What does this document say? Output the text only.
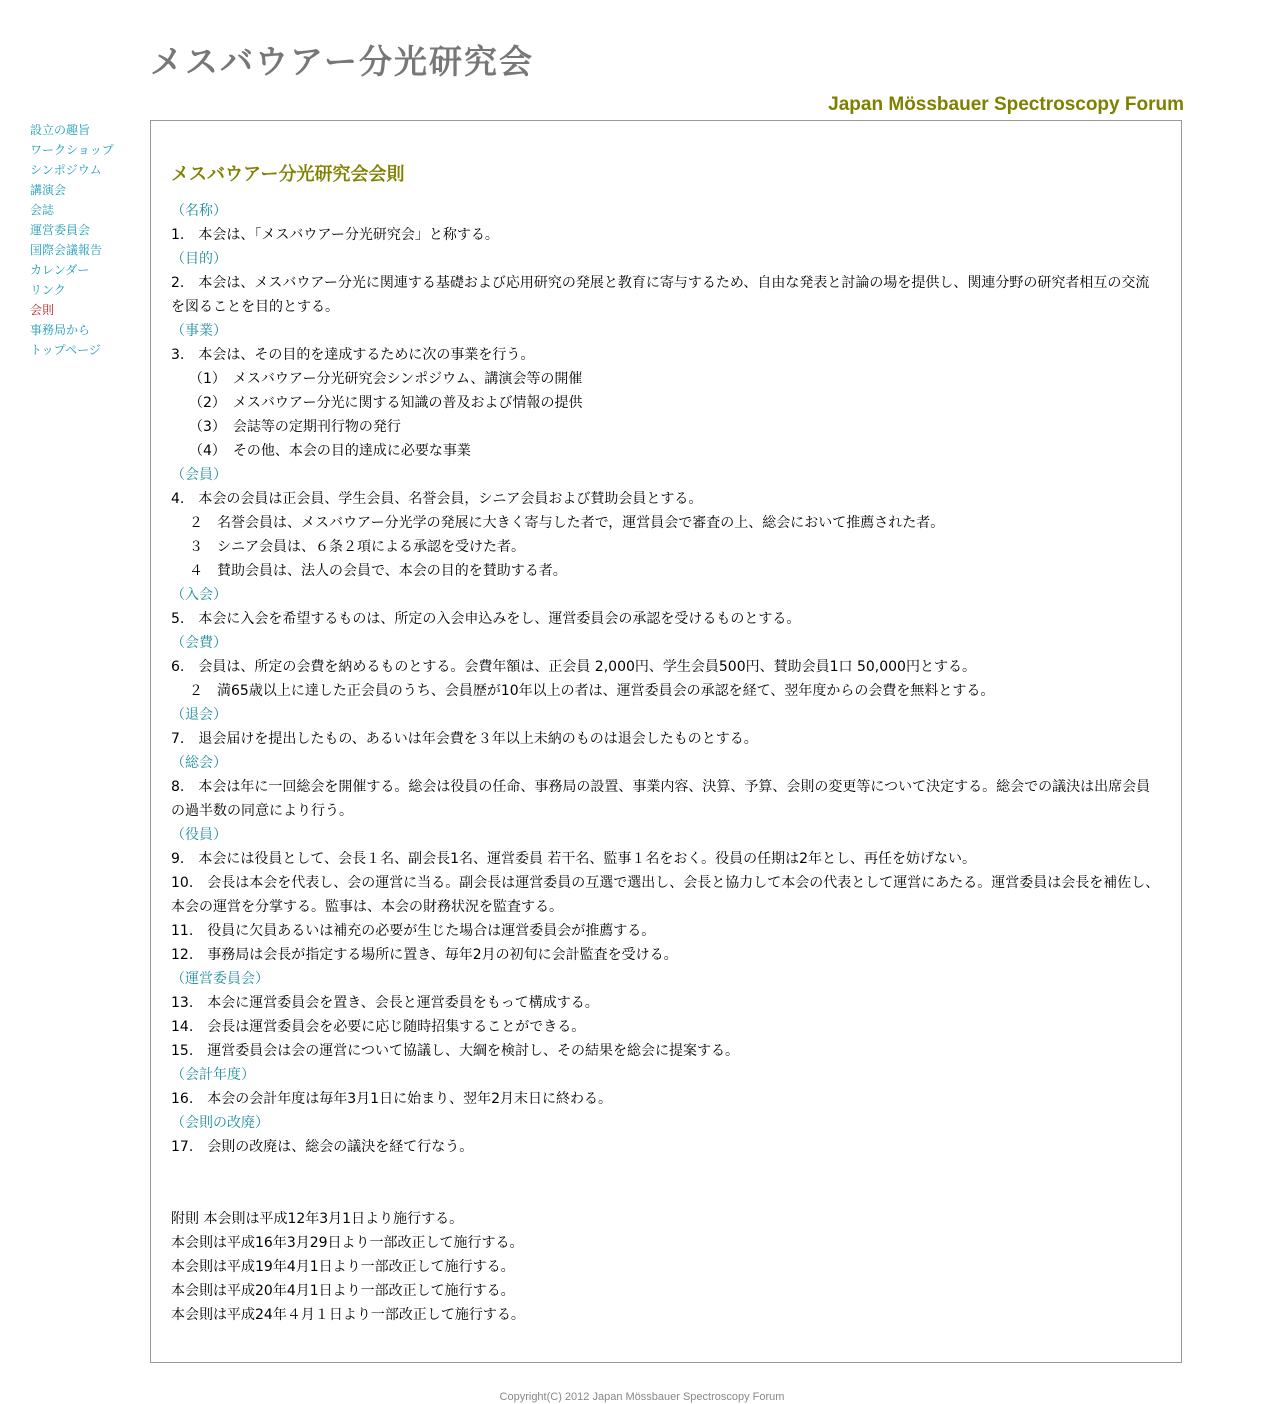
メスバウアー分光研究会
Japan Mössbauer Spectroscopy Forum
設立の趣旨
ワークショップ
シンポジウム
講演会
会誌
運営委員会
国際会議報告
カレンダー
リンク
会則
事務局から
トップページ
メスバウアー分光研究会会則
（名称）
1.　本会は、「メスバウアー分光研究会」と称する。
（目的）
2.　本会は、メスバウアー分光に関連する基礎および応用研究の発展と教育に寄与するため、自由な発表と討論の場を提供し、関連分野の研究者相互の交流を図ることを目的とする。
（事業）
3.　本会は、その目的を達成するために次の事業を行う。
（1）　メスバウアー分光研究会シンポジウム、講演会等の開催
（2）　メスバウアー分光に関する知識の普及および情報の提供
（3）　会誌等の定期刊行物の発行
（4）　その他、本会の目的達成に必要な事業
（会員）
4.　本会の会員は正会員、学生会員、名誉会員，シニア会員および賛助会員とする。
２　名誉会員は、メスバウアー分光学の発展に大きく寄与した者で，運営員会で審査の上、総会において推薦された者。
３　シニア会員は、６条２項による承認を受けた者。
４　賛助会員は、法人の会員で、本会の目的を賛助する者。
（入会）
5.　本会に入会を希望するものは、所定の入会申込みをし、運営委員会の承認を受けるものとする。
（会費）
6.　会員は、所定の会費を納めるものとする。会費年額は、正会員 2,000円、学生会員500円、賛助会員1口 50,000円とする。
２　満65歳以上に達した正会員のうち、会員歴が10年以上の者は、運営委員会の承認を経て、翌年度からの会費を無料とする。
（退会）
7.　退会届けを提出したもの、あるいは年会費を３年以上未納のものは退会したものとする。
（総会）
8.　本会は年に一回総会を開催する。総会は役員の任命、事務局の設置、事業内容、決算、予算、会則の変更等について決定する。総会での議決は出席会員の過半数の同意により行う。
（役員）
9.　本会には役員として、会長１名、副会長1名、運営委員 若干名、監事１名をおく。役員の任期は2年とし、再任を妨げない。
10.　会長は本会を代表し、会の運営に当る。副会長は運営委員の互選で選出し、会長と協力して本会の代表として運営にあたる。運営委員は会長を補佐し、本会の運営を分掌する。監事は、本会の財務状況を監査する。
11.　役員に欠員あるいは補充の必要が生じた場合は運営委員会が推薦する。
12.　事務局は会長が指定する場所に置き、毎年2月の初旬に会計監査を受ける。
（運営委員会）
13.　本会に運営委員会を置き、会長と運営委員をもって構成する。
14.　会長は運営委員会を必要に応じ随時招集することができる。
15.　運営委員会は会の運営について協議し、大綱を検討し、その結果を総会に提案する。
（会計年度）
16.　本会の会計年度は毎年3月1日に始まり、翌年2月末日に終わる。
（会則の改廃）
17.　会則の改廃は、総会の議決を経て行なう。
附則 本会則は平成12年3月1日より施行する。
本会則は平成16年3月29日より一部改正して施行する。
本会則は平成19年4月1日より一部改正して施行する。
本会則は平成20年4月1日より一部改正して施行する。
本会則は平成24年４月１日より一部改正して施行する。
Copyright(C) 2012 Japan Mössbauer Spectroscopy Forum
